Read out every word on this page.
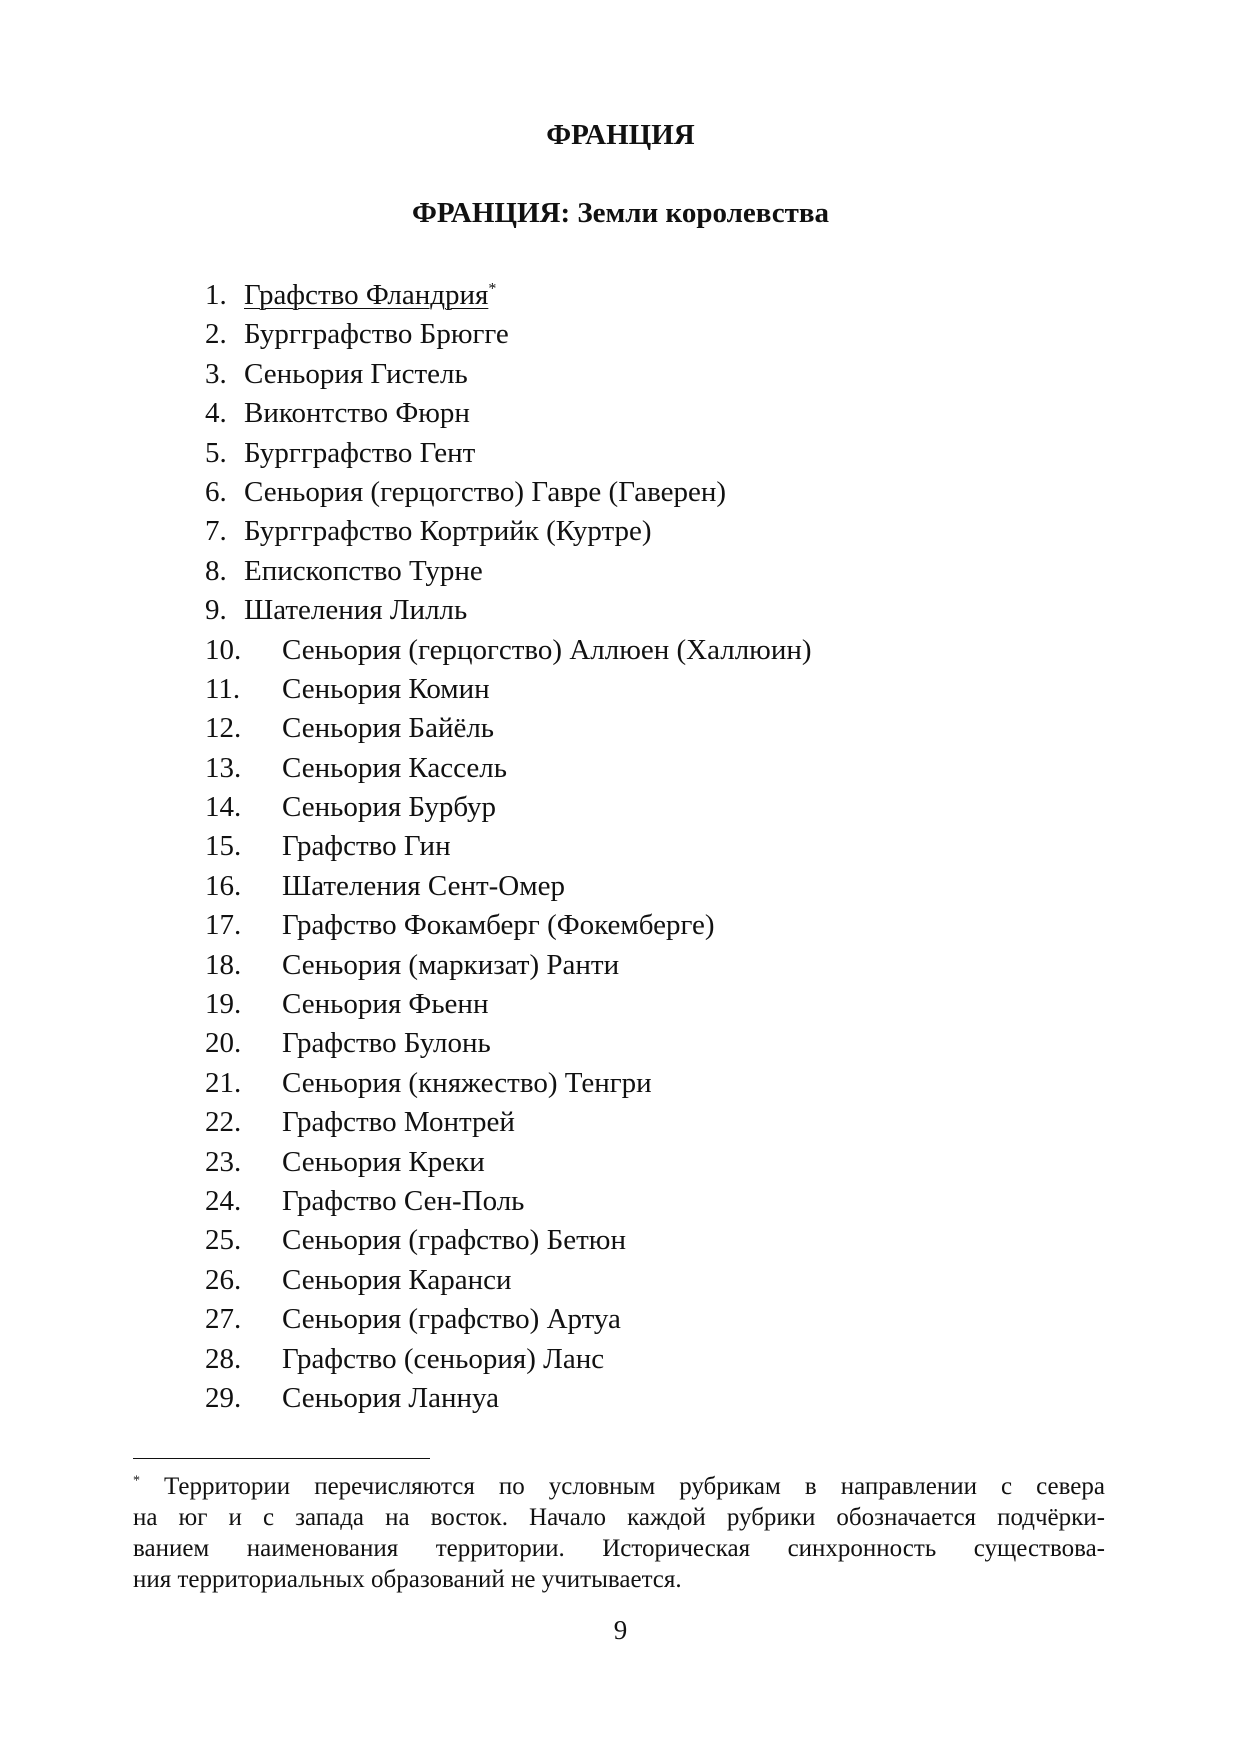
ФРАНЦИЯ
ФРАНЦИЯ: Земли королевства
1. Графство Фландрия*
2. Бургграфство Брюгге
3. Сеньория Гистель
4. Виконтство Фюрн
5. Бургграфство Гент
6. Сеньория (герцогство) Гавре (Гаверен)
7. Бургграфство Кортрийк (Куртре)
8. Епископство Турне
9. Шателения Лилль
10. Сеньория (герцогство) Аллюен (Халлюин)
11. Сеньория Комин
12. Сеньория Байёль
13. Сеньория Кассель
14. Сеньория Бурбур
15. Графство Гин
16. Шателения Сент-Омер
17. Графство Фокамберг (Фокемберге)
18. Сеньория (маркизат) Ранти
19. Сеньория Фьенн
20. Графство Булонь
21. Сеньория (княжество) Тенгри
22. Графство Монтрей
23. Сеньория Креки
24. Графство Сен-Поль
25. Сеньория (графство) Бетюн
26. Сеньория Каранси
27. Сеньория (графство) Артуа
28. Графство (сеньория) Ланс
29. Сеньория Ланнуа
* Территории перечисляются по условным рубрикам в направлении с севера
на юг и с запада на восток. Начало каждой рубрики обозначается подчёрки-
ванием наименования территории. Историческая синхронность существова-
ния территориальных образований не учитывается.
9
